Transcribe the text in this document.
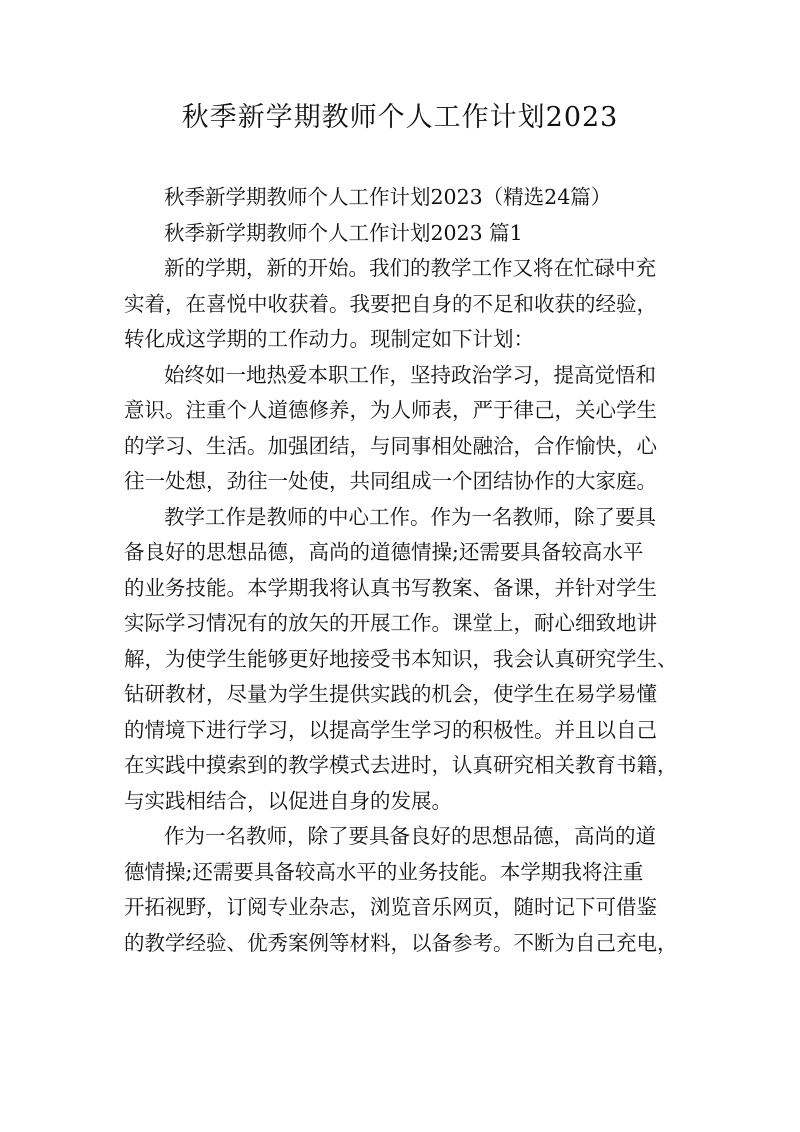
秋季新学期教师个人工作计划2023
秋季新学期教师个人工作计划2023（精选24篇）
秋季新学期教师个人工作计划2023 篇1
新的学期，新的开始。我们的教学工作又将在忙碌中充
实着，在喜悦中收获着。我要把自身的不足和收获的经验，
转化成这学期的工作动力。现制定如下计划：
始终如一地热爱本职工作，坚持政治学习，提高觉悟和
意识。注重个人道德修养，为人师表，严于律己，关心学生
的学习、生活。加强团结，与同事相处融洽，合作愉快，心
往一处想，劲往一处使，共同组成一个团结协作的大家庭。
教学工作是教师的中心工作。作为一名教师，除了要具
备良好的思想品德，高尚的道德情操;还需要具备较高水平
的业务技能。本学期我将认真书写教案、备课，并针对学生
实际学习情况有的放矢的开展工作。课堂上，耐心细致地讲
解，为使学生能够更好地接受书本知识，我会认真研究学生、
钻研教材，尽量为学生提供实践的机会，使学生在易学易懂
的情境下进行学习，以提高学生学习的积极性。并且以自己
在实践中摸索到的教学模式去进时，认真研究相关教育书籍，
与实践相结合，以促进自身的发展。
作为一名教师，除了要具备良好的思想品德，高尚的道
德情操;还需要具备较高水平的业务技能。本学期我将注重
开拓视野，订阅专业杂志，浏览音乐网页，随时记下可借鉴
的教学经验、优秀案例等材料，以备参考。不断为自己充电，
